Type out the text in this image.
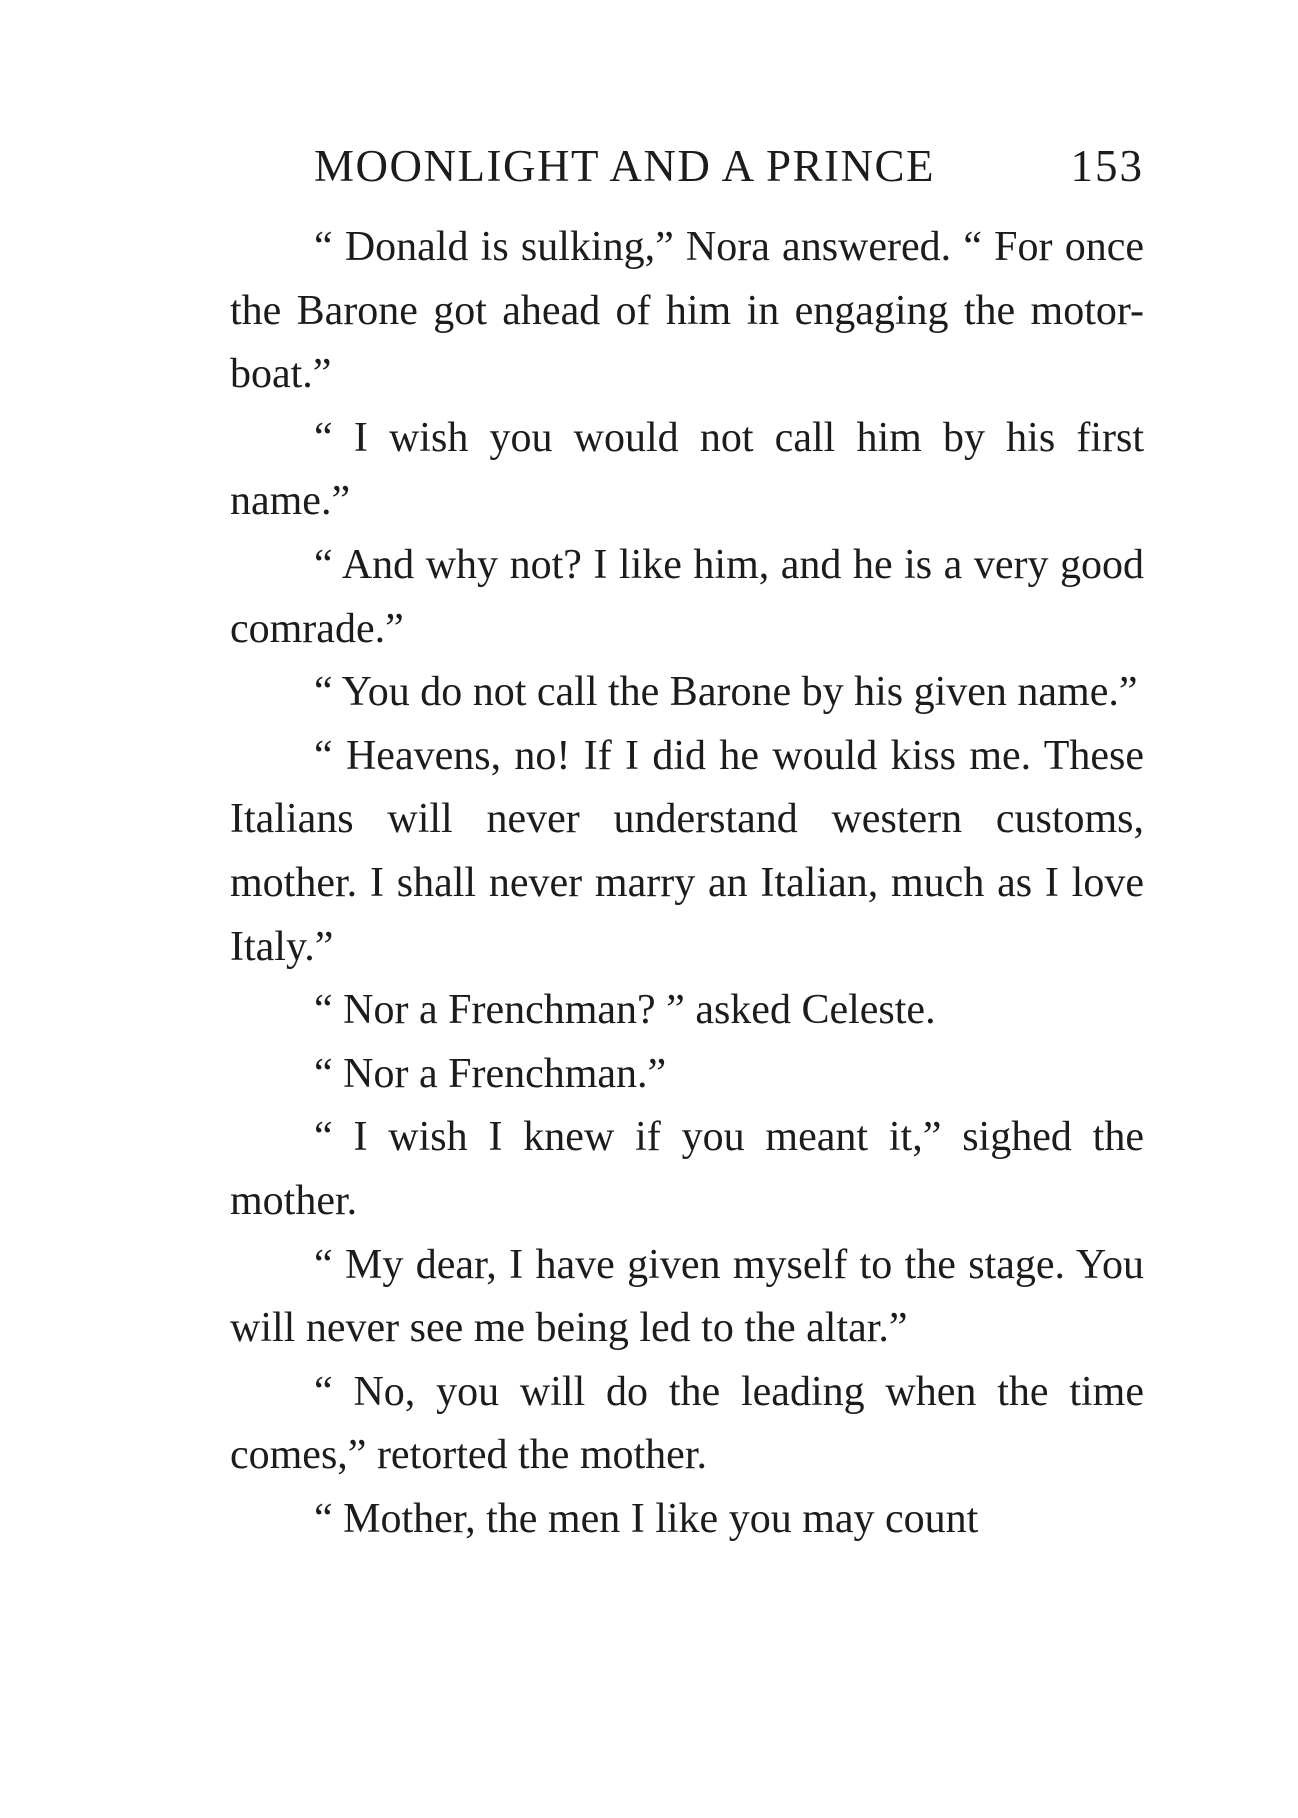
MOONLIGHT AND A PRINCE	153

“ Donald is sulking,” Nora answered. “ For once the Barone got ahead of him in engaging the motor-boat.”

“ I wish you would not call him by his first name.”

“ And why not? I like him, and he is a very good comrade.”

“ You do not call the Barone by his given name.”

“ Heavens, no! If I did he would kiss me. These Italians will never understand western customs, mother. I shall never marry an Italian, much as I love Italy.”

“ Nor a Frenchman? ” asked Celeste.

“ Nor a Frenchman.”

“ I wish I knew if you meant it,” sighed the mother.

“ My dear, I have given myself to the stage. You will never see me being led to the altar.”

“ No, you will do the leading when the time comes,” retorted the mother.

“ Mother, the men I like you may count
